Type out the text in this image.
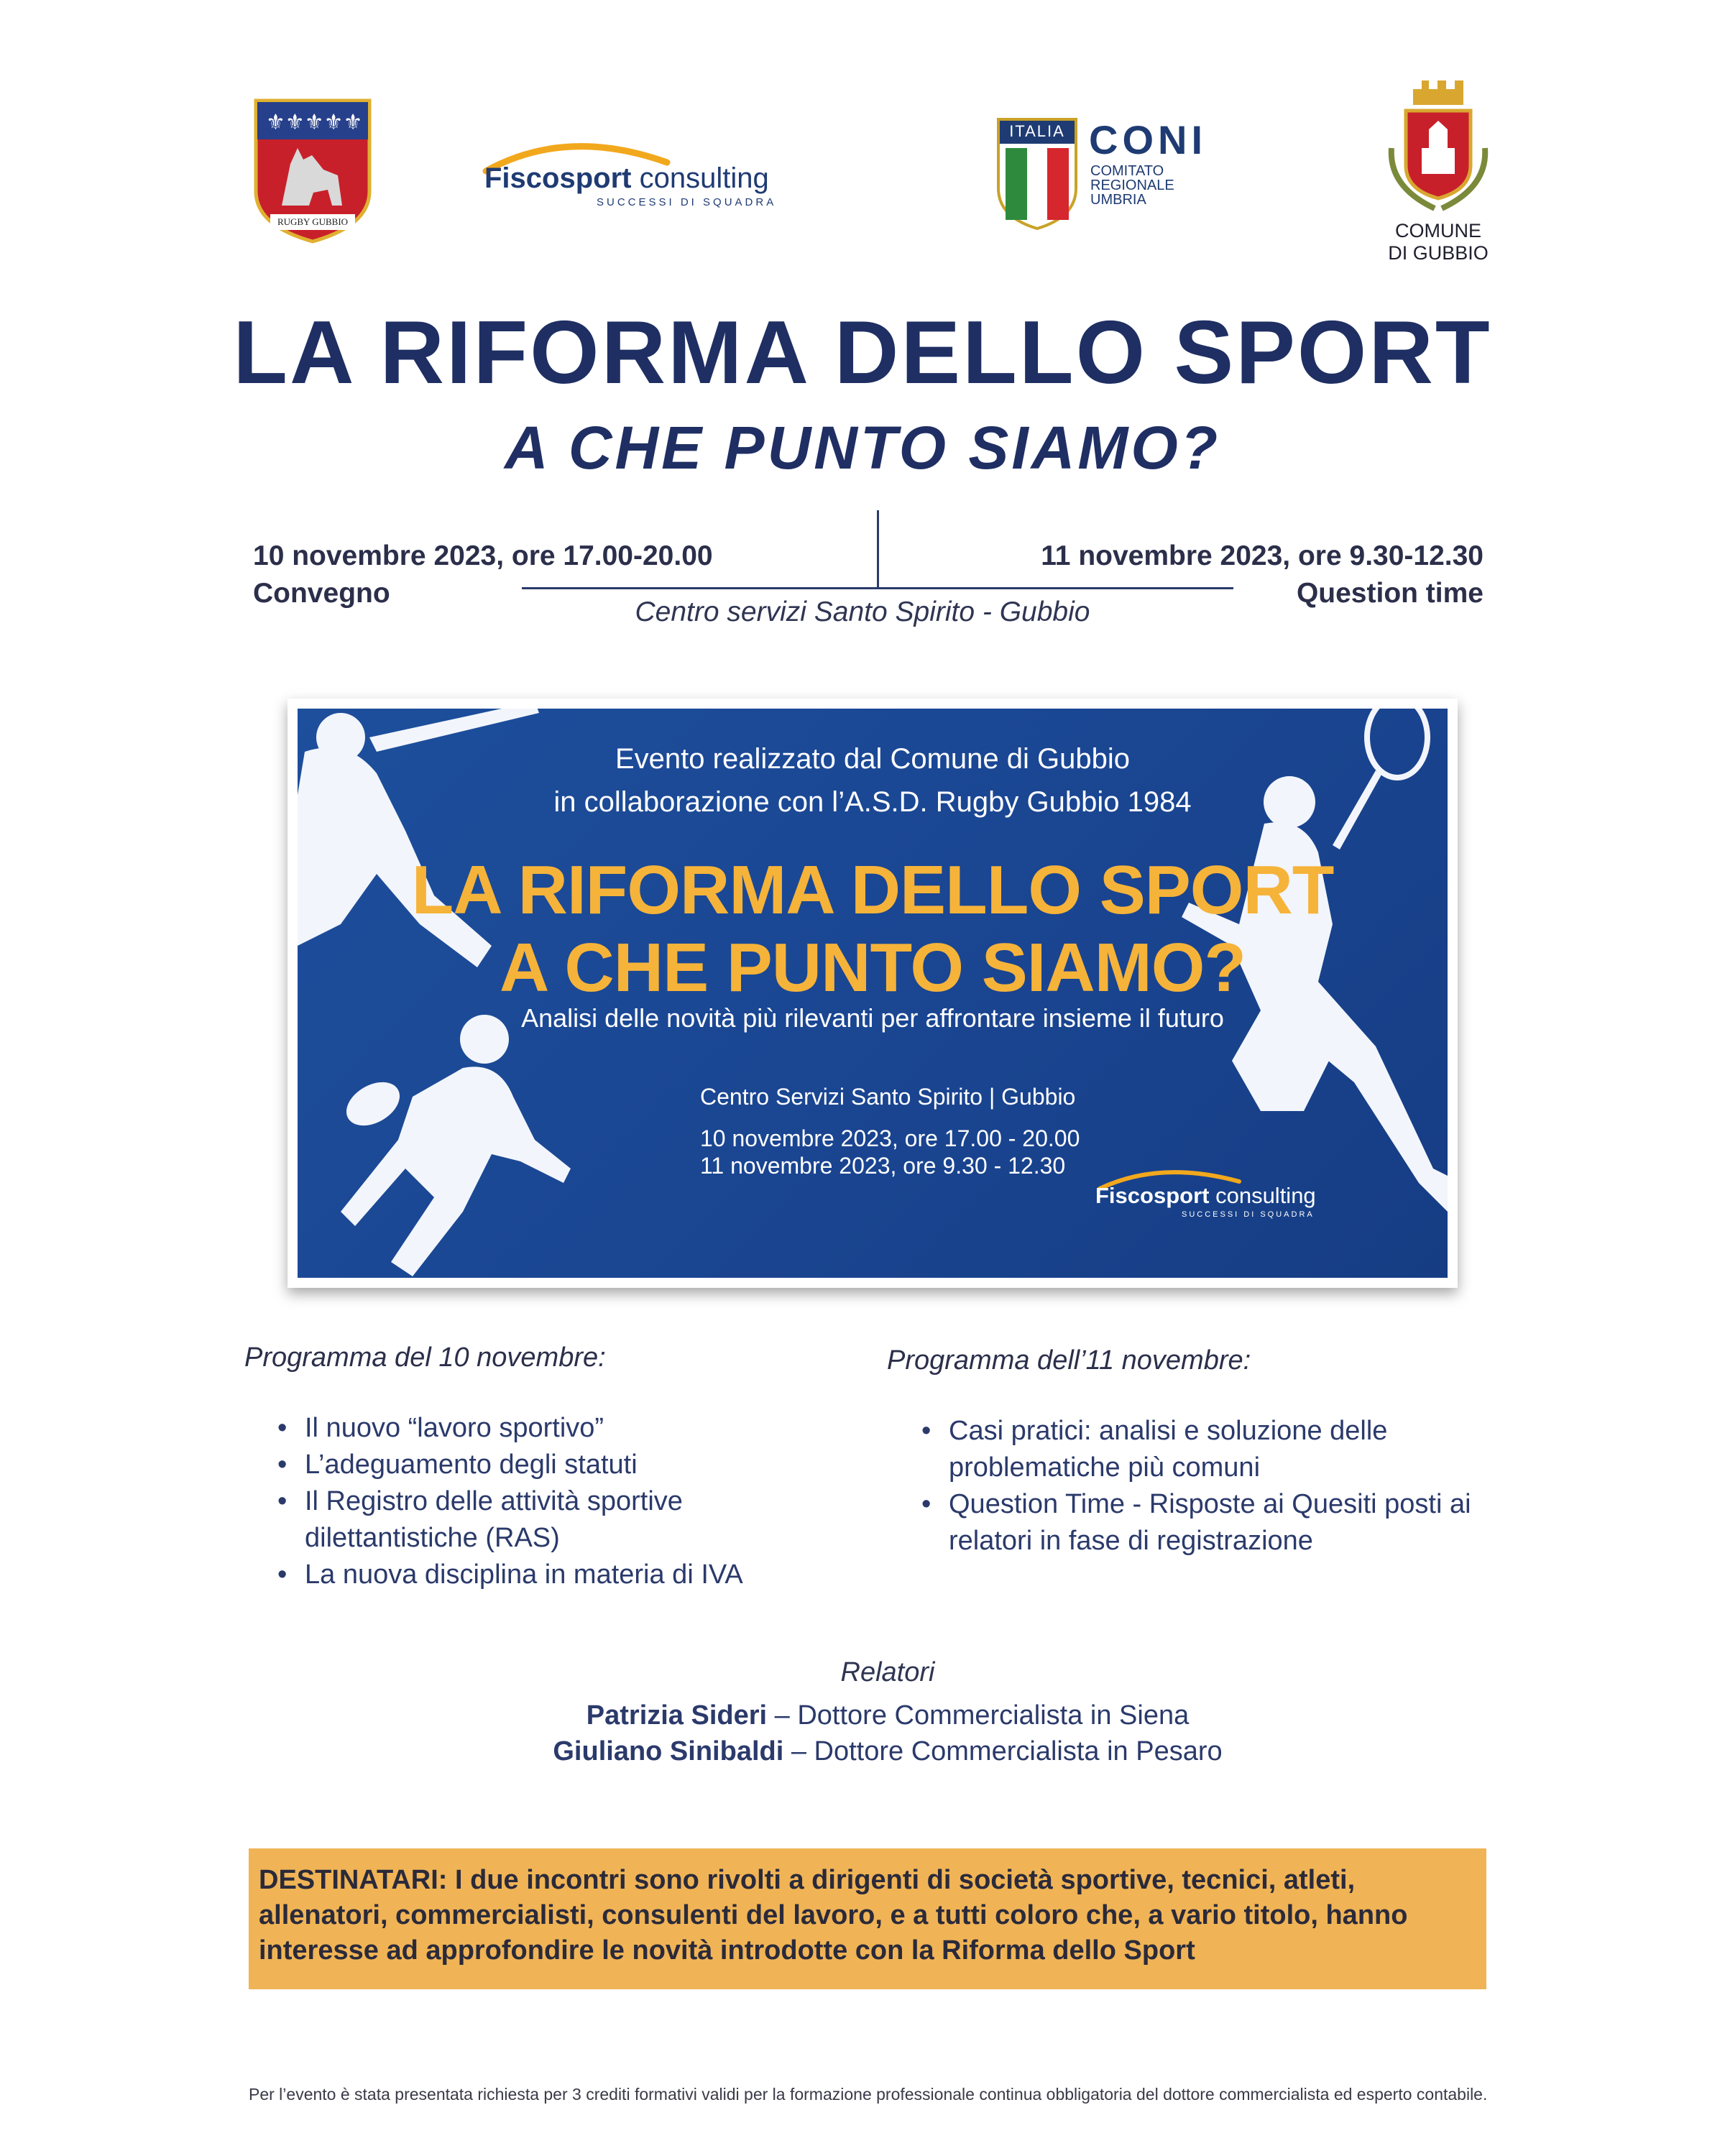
⚜⚜⚜⚜⚜
RUGBY GUBBIO
Fiscosport consulting
SUCCESSI DI SQUADRA
ITALIA CONI
COMITATO
REGIONALE
UMBRIA
COMUNE
DI GUBBIO
LA RIFORMA DELLO SPORT
A CHE PUNTO SIAMO?
10 novembre 2023, ore 17.00-20.00
Convegno
11 novembre 2023, ore 9.30-12.30
Question time
Centro servizi Santo Spirito - Gubbio
Evento realizzato dal Comune di Gubbio
in collaborazione con l’A.S.D. Rugby Gubbio 1984
LA RIFORMA DELLO SPORT
A CHE PUNTO SIAMO?
Analisi delle novità più rilevanti per affrontare insieme il futuro
Centro Servizi Santo Spirito | Gubbio
10 novembre 2023, ore 17.00 - 20.00
11 novembre 2023, ore 9.30 - 12.30
Fiscosport consulting
SUCCESSI DI SQUADRA
Programma del 10 novembre:
• Il nuovo “lavoro sportivo”
• L’adeguamento degli statuti
• Il Registro delle attività sportive dilettantistiche (RAS)
• La nuova disciplina in materia di IVA
Programma dell’11 novembre:
• Casi pratici: analisi e soluzione delle problematiche più comuni
• Question Time - Risposte ai Quesiti posti ai relatori in fase di registrazione
Relatori
Patrizia Sideri – Dottore Commercialista in Siena
Giuliano Sinibaldi – Dottore Commercialista in Pesaro
DESTINATARI: I due incontri sono rivolti a dirigenti di società sportive, tecnici, atleti, allenatori, commercialisti, consulenti del lavoro, e a tutti coloro che, a vario titolo, hanno interesse ad approfondire le novità introdotte con la Riforma dello Sport
Per l’evento è stata presentata richiesta per 3 crediti formativi validi per la formazione professionale continua obbligatoria del dottore commercialista ed esperto contabile.
